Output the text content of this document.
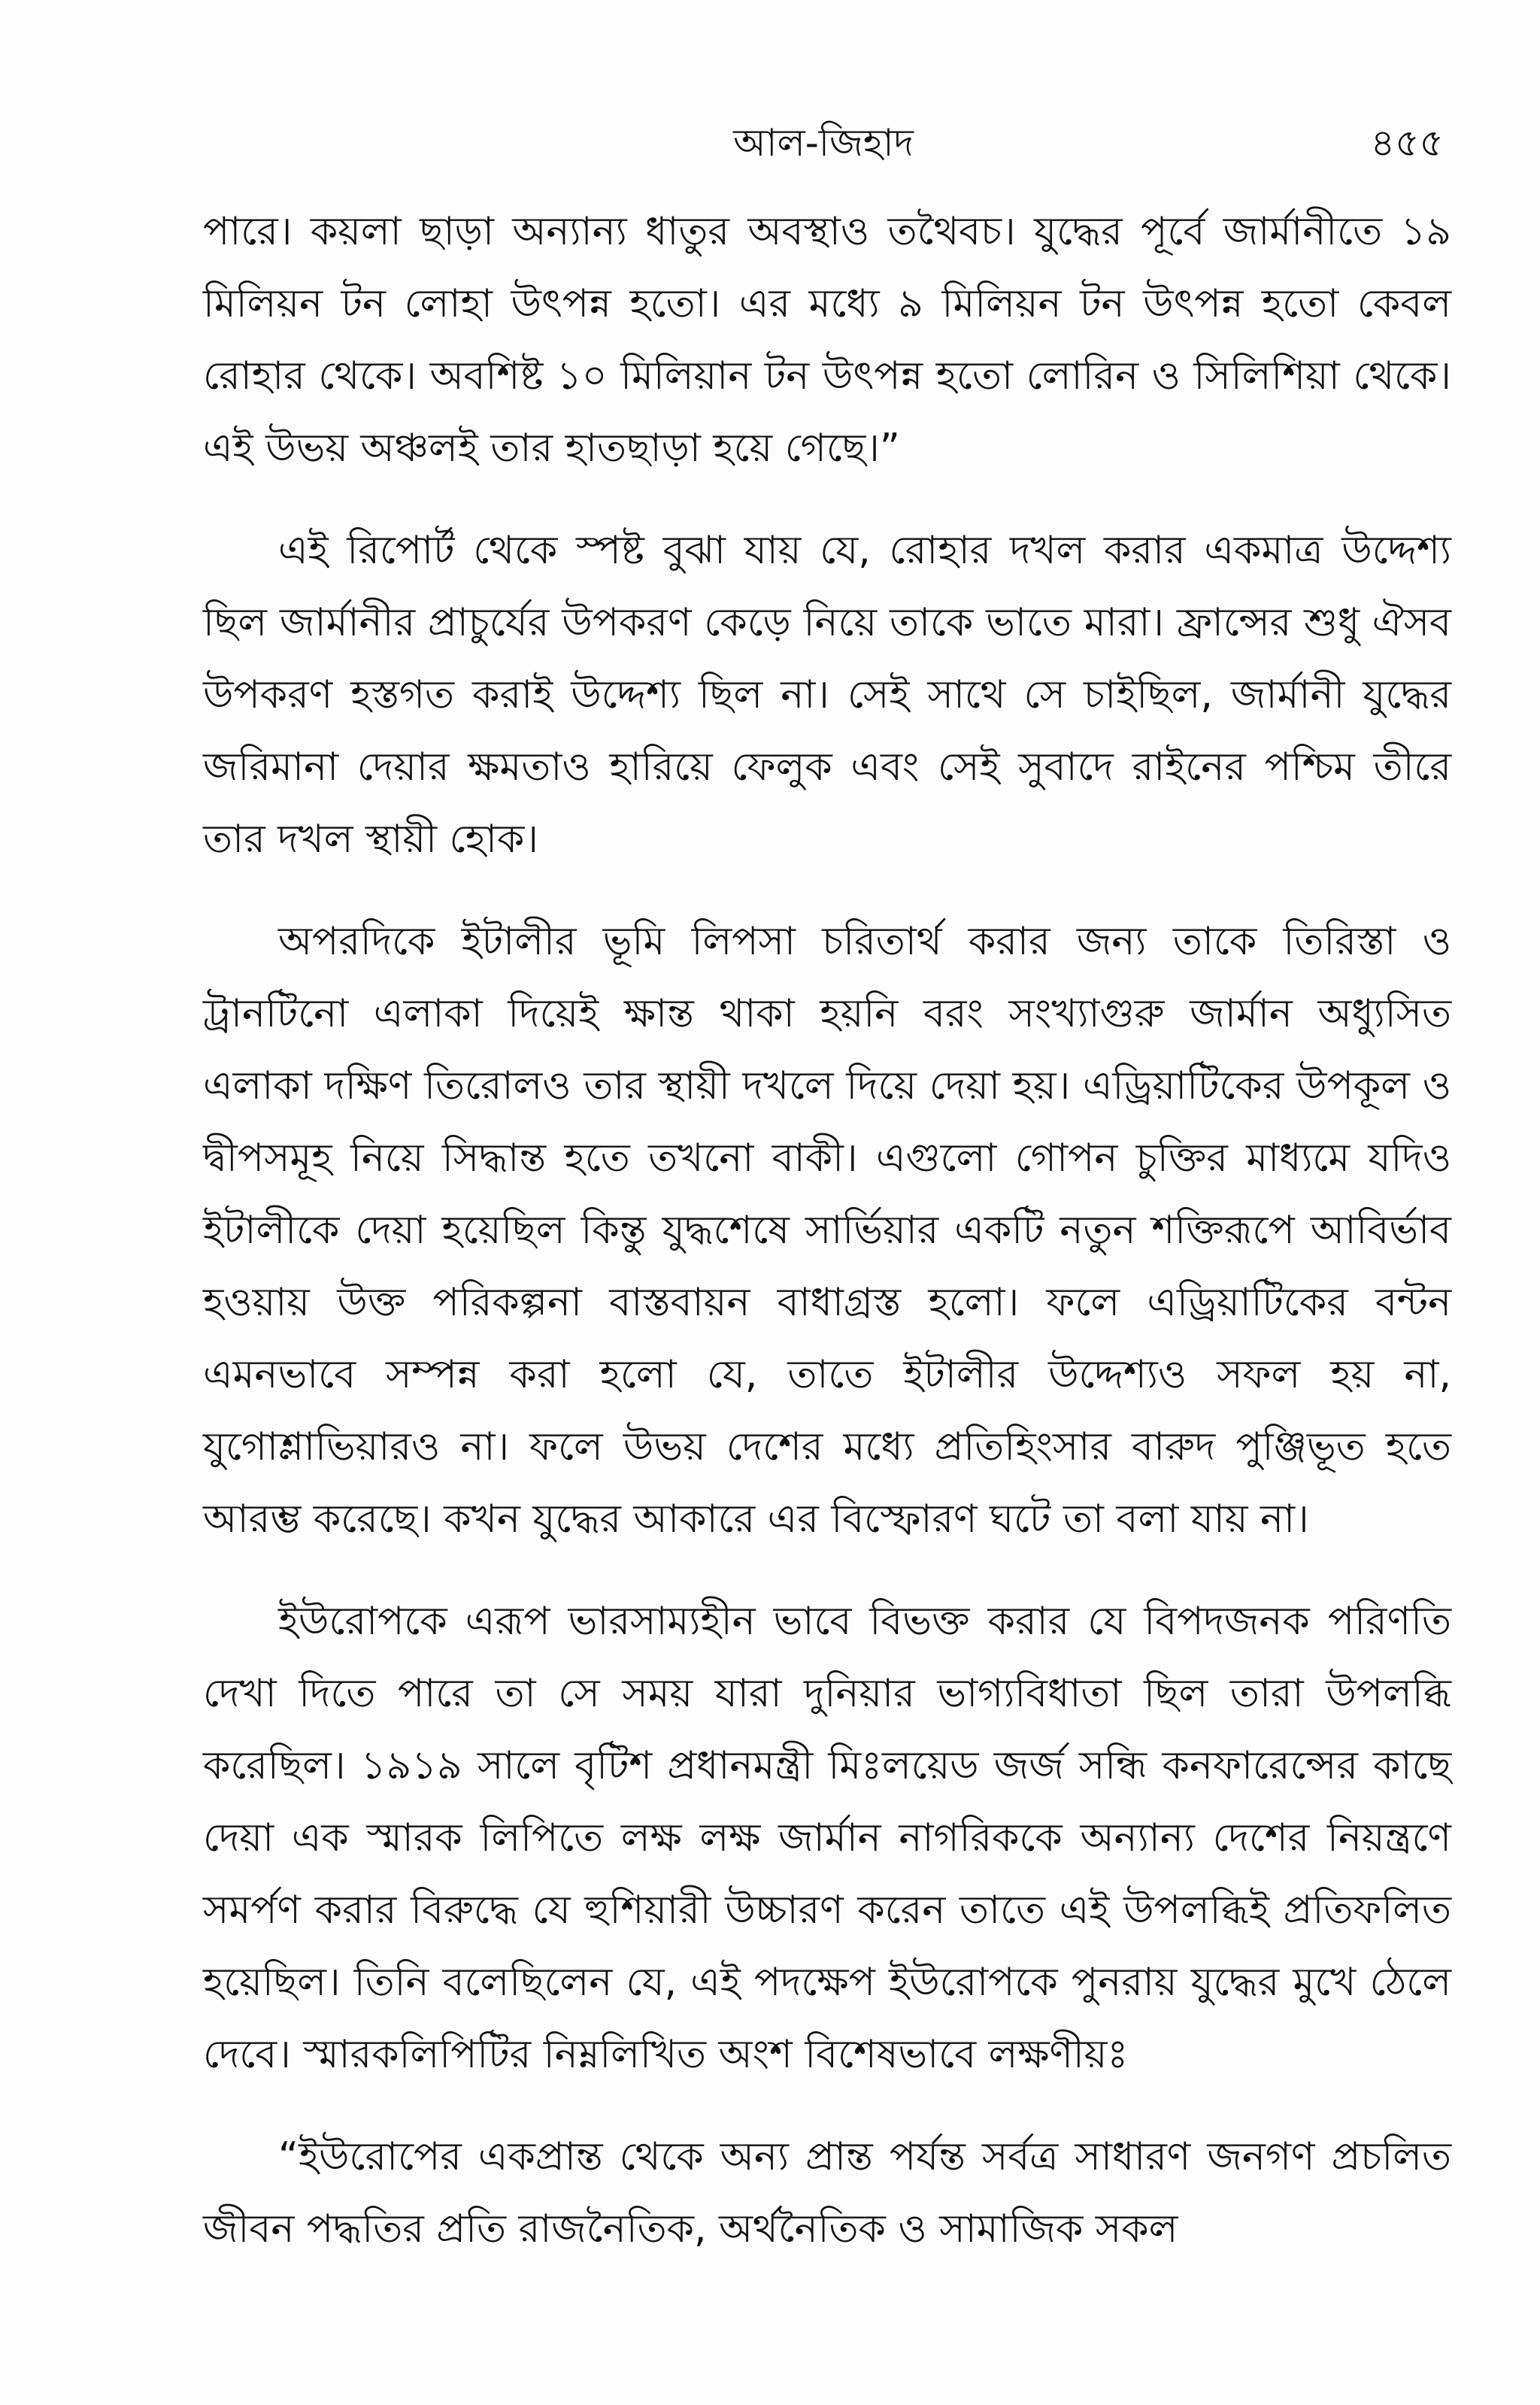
আল-জিহাদ	৪৫৫

পারে। কয়লা ছাড়া অন্যান্য ধাতুর অবস্থাও তথৈবচ। যুদ্ধের পূর্বে জার্মানীতে ১৯ মিলিয়ন টন লোহা উৎপন্ন হতো। এর মধ্যে ৯ মিলিয়ন টন উৎপন্ন হতো কেবল রোহার থেকে। অবশিষ্ট ১০ মিলিয়ান টন উৎপন্ন হতো লোরিন ও সিলিশিয়া থেকে। এই উভয় অঞ্চলই তার হাতছাড়া হয়ে গেছে।”

এই রিপোর্ট থেকে স্পষ্ট বুঝা যায় যে, রোহার দখল করার একমাত্র উদ্দেশ্য ছিল জার্মানীর প্রাচুর্যের উপকরণ কেড়ে নিয়ে তাকে ভাতে মারা। ফ্রান্সের শুধু ঐসব উপকরণ হস্তগত করাই উদ্দেশ্য ছিল না। সেই সাথে সে চাইছিল, জার্মানী যুদ্ধের জরিমানা দেয়ার ক্ষমতাও হারিয়ে ফেলুক এবং সেই সুবাদে রাইনের পশ্চিম তীরে তার দখল স্থায়ী হোক।

অপরদিকে ইটালীর ভূমি লিপসা চরিতার্থ করার জন্য তাকে তিরিস্তা ও ট্রানটিনো এলাকা দিয়েই ক্ষান্ত থাকা হয়নি বরং সংখ্যাগুরু জার্মান অধ্যুসিত এলাকা দক্ষিণ তিরোলও তার স্থায়ী দখলে দিয়ে দেয়া হয়। এড্রিয়াটিকের উপকূল ও দ্বীপসমূহ নিয়ে সিদ্ধান্ত হতে তখনো বাকী। এগুলো গোপন চুক্তির মাধ্যমে যদিও ইটালীকে দেয়া হয়েছিল কিন্তু যুদ্ধশেষে সার্ভিয়ার একটি নতুন শক্তিরূপে আবির্ভাব হওয়ায় উক্ত পরিকল্পনা বাস্তবায়ন বাধাগ্রস্ত হলো। ফলে এড্রিয়াটিকের বন্টন এমনভাবে সম্পন্ন করা হলো যে, তাতে ইটালীর উদ্দেশ্যও সফল হয় না, যুগোশ্লাভিয়ারও না। ফলে উভয় দেশের মধ্যে প্রতিহিংসার বারুদ পুঞ্জিভূত হতে আরম্ভ করেছে। কখন যুদ্ধের আকারে এর বিস্ফোরণ ঘটে তা বলা যায় না।

ইউরোপকে এরূপ ভারসাম্যহীন ভাবে বিভক্ত করার যে বিপদজনক পরিণতি দেখা দিতে পারে তা সে সময় যারা দুনিয়ার ভাগ্যবিধাতা ছিল তারা উপলব্ধি করেছিল। ১৯১৯ সালে বৃটিশ প্রধানমন্ত্রী মিঃলয়েড জর্জ সন্ধি কনফারেন্সের কাছে দেয়া এক স্মারক লিপিতে লক্ষ লক্ষ জার্মান নাগরিককে অন্যান্য দেশের নিয়ন্ত্রণে সমর্পণ করার বিরুদ্ধে যে হুশিয়ারী উচ্চারণ করেন তাতে এই উপলব্ধিই প্রতিফলিত হয়েছিল। তিনি বলেছিলেন যে, এই পদক্ষেপ ইউরোপকে পুনরায় যুদ্ধের মুখে ঠেলে দেবে। স্মারকলিপিটির নিম্নলিখিত অংশ বিশেষভাবে লক্ষণীয়ঃ

“ইউরোপের একপ্রান্ত থেকে অন্য প্রান্ত পর্যন্ত সর্বত্র সাধারণ জনগণ প্রচলিত জীবন পদ্ধতির প্রতি রাজনৈতিক, অর্থনৈতিক ও সামাজিক সকল
